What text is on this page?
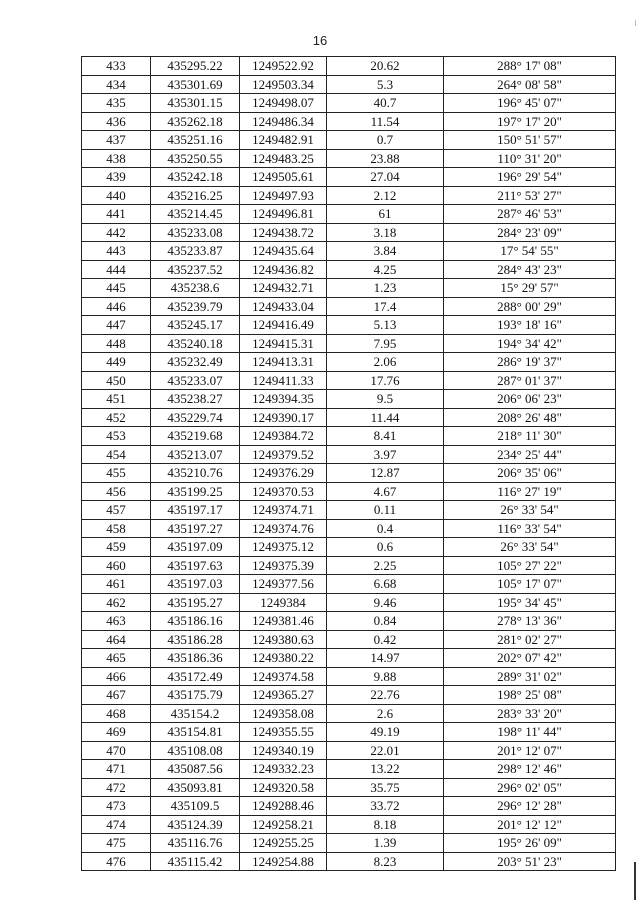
16
433	435295.22	1249522.92	20.62	288° 17' 08"
434	435301.69	1249503.34	5.3	264° 08' 58"
435	435301.15	1249498.07	40.7	196° 45' 07"
436	435262.18	1249486.34	11.54	197° 17' 20"
437	435251.16	1249482.91	0.7	150° 51' 57"
438	435250.55	1249483.25	23.88	110° 31' 20"
439	435242.18	1249505.61	27.04	196° 29' 54"
440	435216.25	1249497.93	2.12	211° 53' 27"
441	435214.45	1249496.81	61	287° 46' 53"
442	435233.08	1249438.72	3.18	284° 23' 09"
443	435233.87	1249435.64	3.84	17° 54' 55"
444	435237.52	1249436.82	4.25	284° 43' 23"
445	435238.6	1249432.71	1.23	15° 29' 57"
446	435239.79	1249433.04	17.4	288° 00' 29"
447	435245.17	1249416.49	5.13	193° 18' 16"
448	435240.18	1249415.31	7.95	194° 34' 42"
449	435232.49	1249413.31	2.06	286° 19' 37"
450	435233.07	1249411.33	17.76	287° 01' 37"
451	435238.27	1249394.35	9.5	206° 06' 23"
452	435229.74	1249390.17	11.44	208° 26' 48"
453	435219.68	1249384.72	8.41	218° 11' 30"
454	435213.07	1249379.52	3.97	234° 25' 44"
455	435210.76	1249376.29	12.87	206° 35' 06"
456	435199.25	1249370.53	4.67	116° 27' 19"
457	435197.17	1249374.71	0.11	26° 33' 54"
458	435197.27	1249374.76	0.4	116° 33' 54"
459	435197.09	1249375.12	0.6	26° 33' 54"
460	435197.63	1249375.39	2.25	105° 27' 22"
461	435197.03	1249377.56	6.68	105° 17' 07"
462	435195.27	1249384	9.46	195° 34' 45"
463	435186.16	1249381.46	0.84	278° 13' 36"
464	435186.28	1249380.63	0.42	281° 02' 27"
465	435186.36	1249380.22	14.97	202° 07' 42"
466	435172.49	1249374.58	9.88	289° 31' 02"
467	435175.79	1249365.27	22.76	198° 25' 08"
468	435154.2	1249358.08	2.6	283° 33' 20"
469	435154.81	1249355.55	49.19	198° 11' 44"
470	435108.08	1249340.19	22.01	201° 12' 07"
471	435087.56	1249332.23	13.22	298° 12' 46"
472	435093.81	1249320.58	35.75	296° 02' 05"
473	435109.5	1249288.46	33.72	296° 12' 28"
474	435124.39	1249258.21	8.18	201° 12' 12"
475	435116.76	1249255.25	1.39	195° 26' 09"
476	435115.42	1249254.88	8.23	203° 51' 23"
